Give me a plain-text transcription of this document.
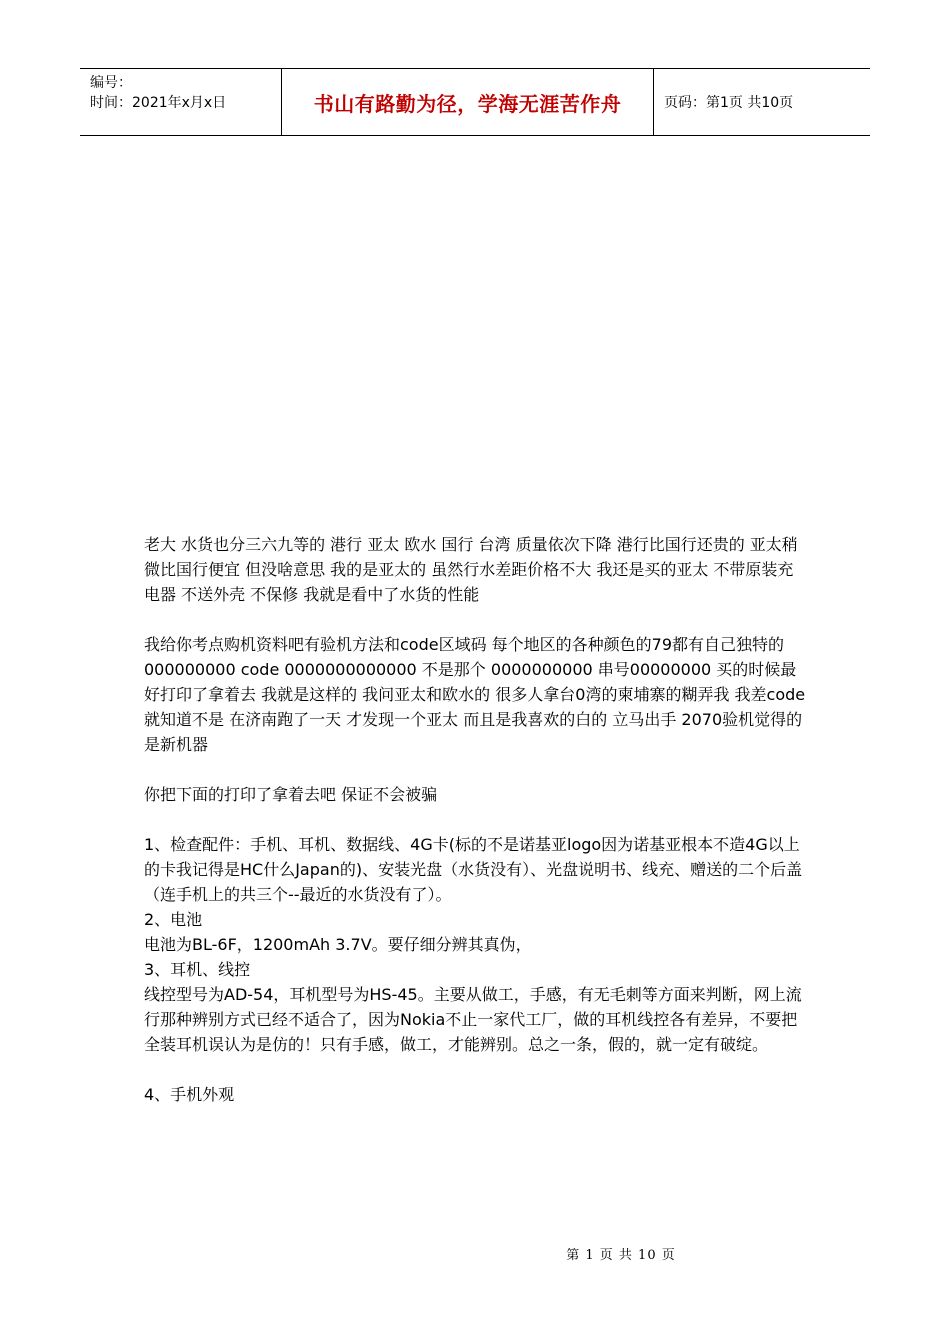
编号：
时间：2021年x月x日	书山有路勤为径，学海无涯苦作舟	页码：第1页 共10页

老大 水货也分三六九等的 港行 亚太 欧水 国行 台湾 质量依次下降 港行比国行还贵的 亚太稍微比国行便宜 但没啥意思 我的是亚太的 虽然行水差距价格不大 我还是买的亚太 不带原装充电器 不送外壳 不保修 我就是看中了水货的性能

我给你考点购机资料吧有验机方法和code区域码 每个地区的各种颜色的79都有自己独特的000000000 code 0000000000000 不是那个 0000000000 串号00000000 买的时候最好打印了拿着去 我就是这样的 我问亚太和欧水的 很多人拿台0湾的柬埔寨的糊弄我 我差code就知道不是 在济南跑了一天 才发现一个亚太 而且是我喜欢的白的 立马出手 2070验机觉得的是新机器

你把下面的打印了拿着去吧 保证不会被骗

1、检查配件：手机、耳机、数据线、4G卡(标的不是诺基亚logo因为诺基亚根本不造4G以上的卡我记得是HC什么Japan的)、安装光盘（水货没有）、光盘说明书、线充、赠送的二个后盖（连手机上的共三个--最近的水货没有了）。

2、电池

电池为BL-6F，1200mAh 3.7V。要仔细分辨其真伪，

3、耳机、线控

线控型号为AD-54，耳机型号为HS-45。主要从做工，手感，有无毛刺等方面来判断，网上流行那种辨别方式已经不适合了，因为Nokia不止一家代工厂，做的耳机线控各有差异，不要把全装耳机误认为是仿的！只有手感，做工，才能辨别。总之一条，假的，就一定有破绽。

4、手机外观

第 1 页 共 10 页
